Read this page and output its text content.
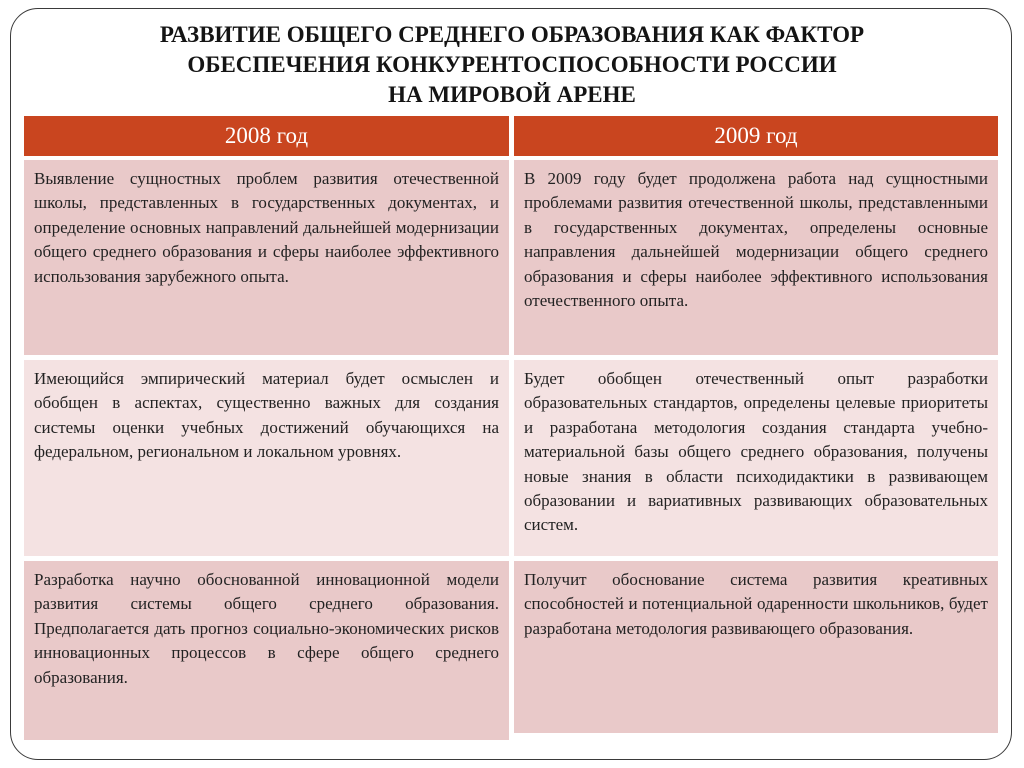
РАЗВИТИЕ ОБЩЕГО СРЕДНЕГО ОБРАЗОВАНИЯ КАК ФАКТОР
ОБЕСПЕЧЕНИЯ КОНКУРЕНТОСПОСОБНОСТИ РОССИИ
НА МИРОВОЙ АРЕНЕ
2008 год	2009 год
Выявление сущностных проблем развития отечественной школы, представленных в государственных документах, и определение основных направлений дальнейшей модернизации общего среднего образования и сферы наиболее эффективного использования зарубежного опыта.
В 2009 году будет продолжена работа над сущностными проблемами развития отечественной школы, представленными в государственных документах, определены основные направления дальнейшей модернизации общего среднего образования и сферы наиболее эффективного использования отечественного опыта.
Имеющийся эмпирический материал будет осмыслен и обобщен в аспектах, существенно важных для создания системы оценки учебных достижений обучающихся на федеральном, региональном и локальном уровнях.
Будет обобщен отечественный опыт разработки образовательных стандартов, определены целевые приоритеты и разработана методология создания стандарта учебно-материальной базы общего среднего образования, получены новые знания в области психодидактики в развивающем образовании и вариативных развивающих образовательных систем.
Разработка научно обоснованной инновационной модели развития системы общего среднего образования. Предполагается дать прогноз социально-экономических рисков инновационных процессов в сфере общего среднего образования.
Получит обоснование система развития креативных способностей и потенциальной одаренности школьников, будет разработана методология развивающего образования.
